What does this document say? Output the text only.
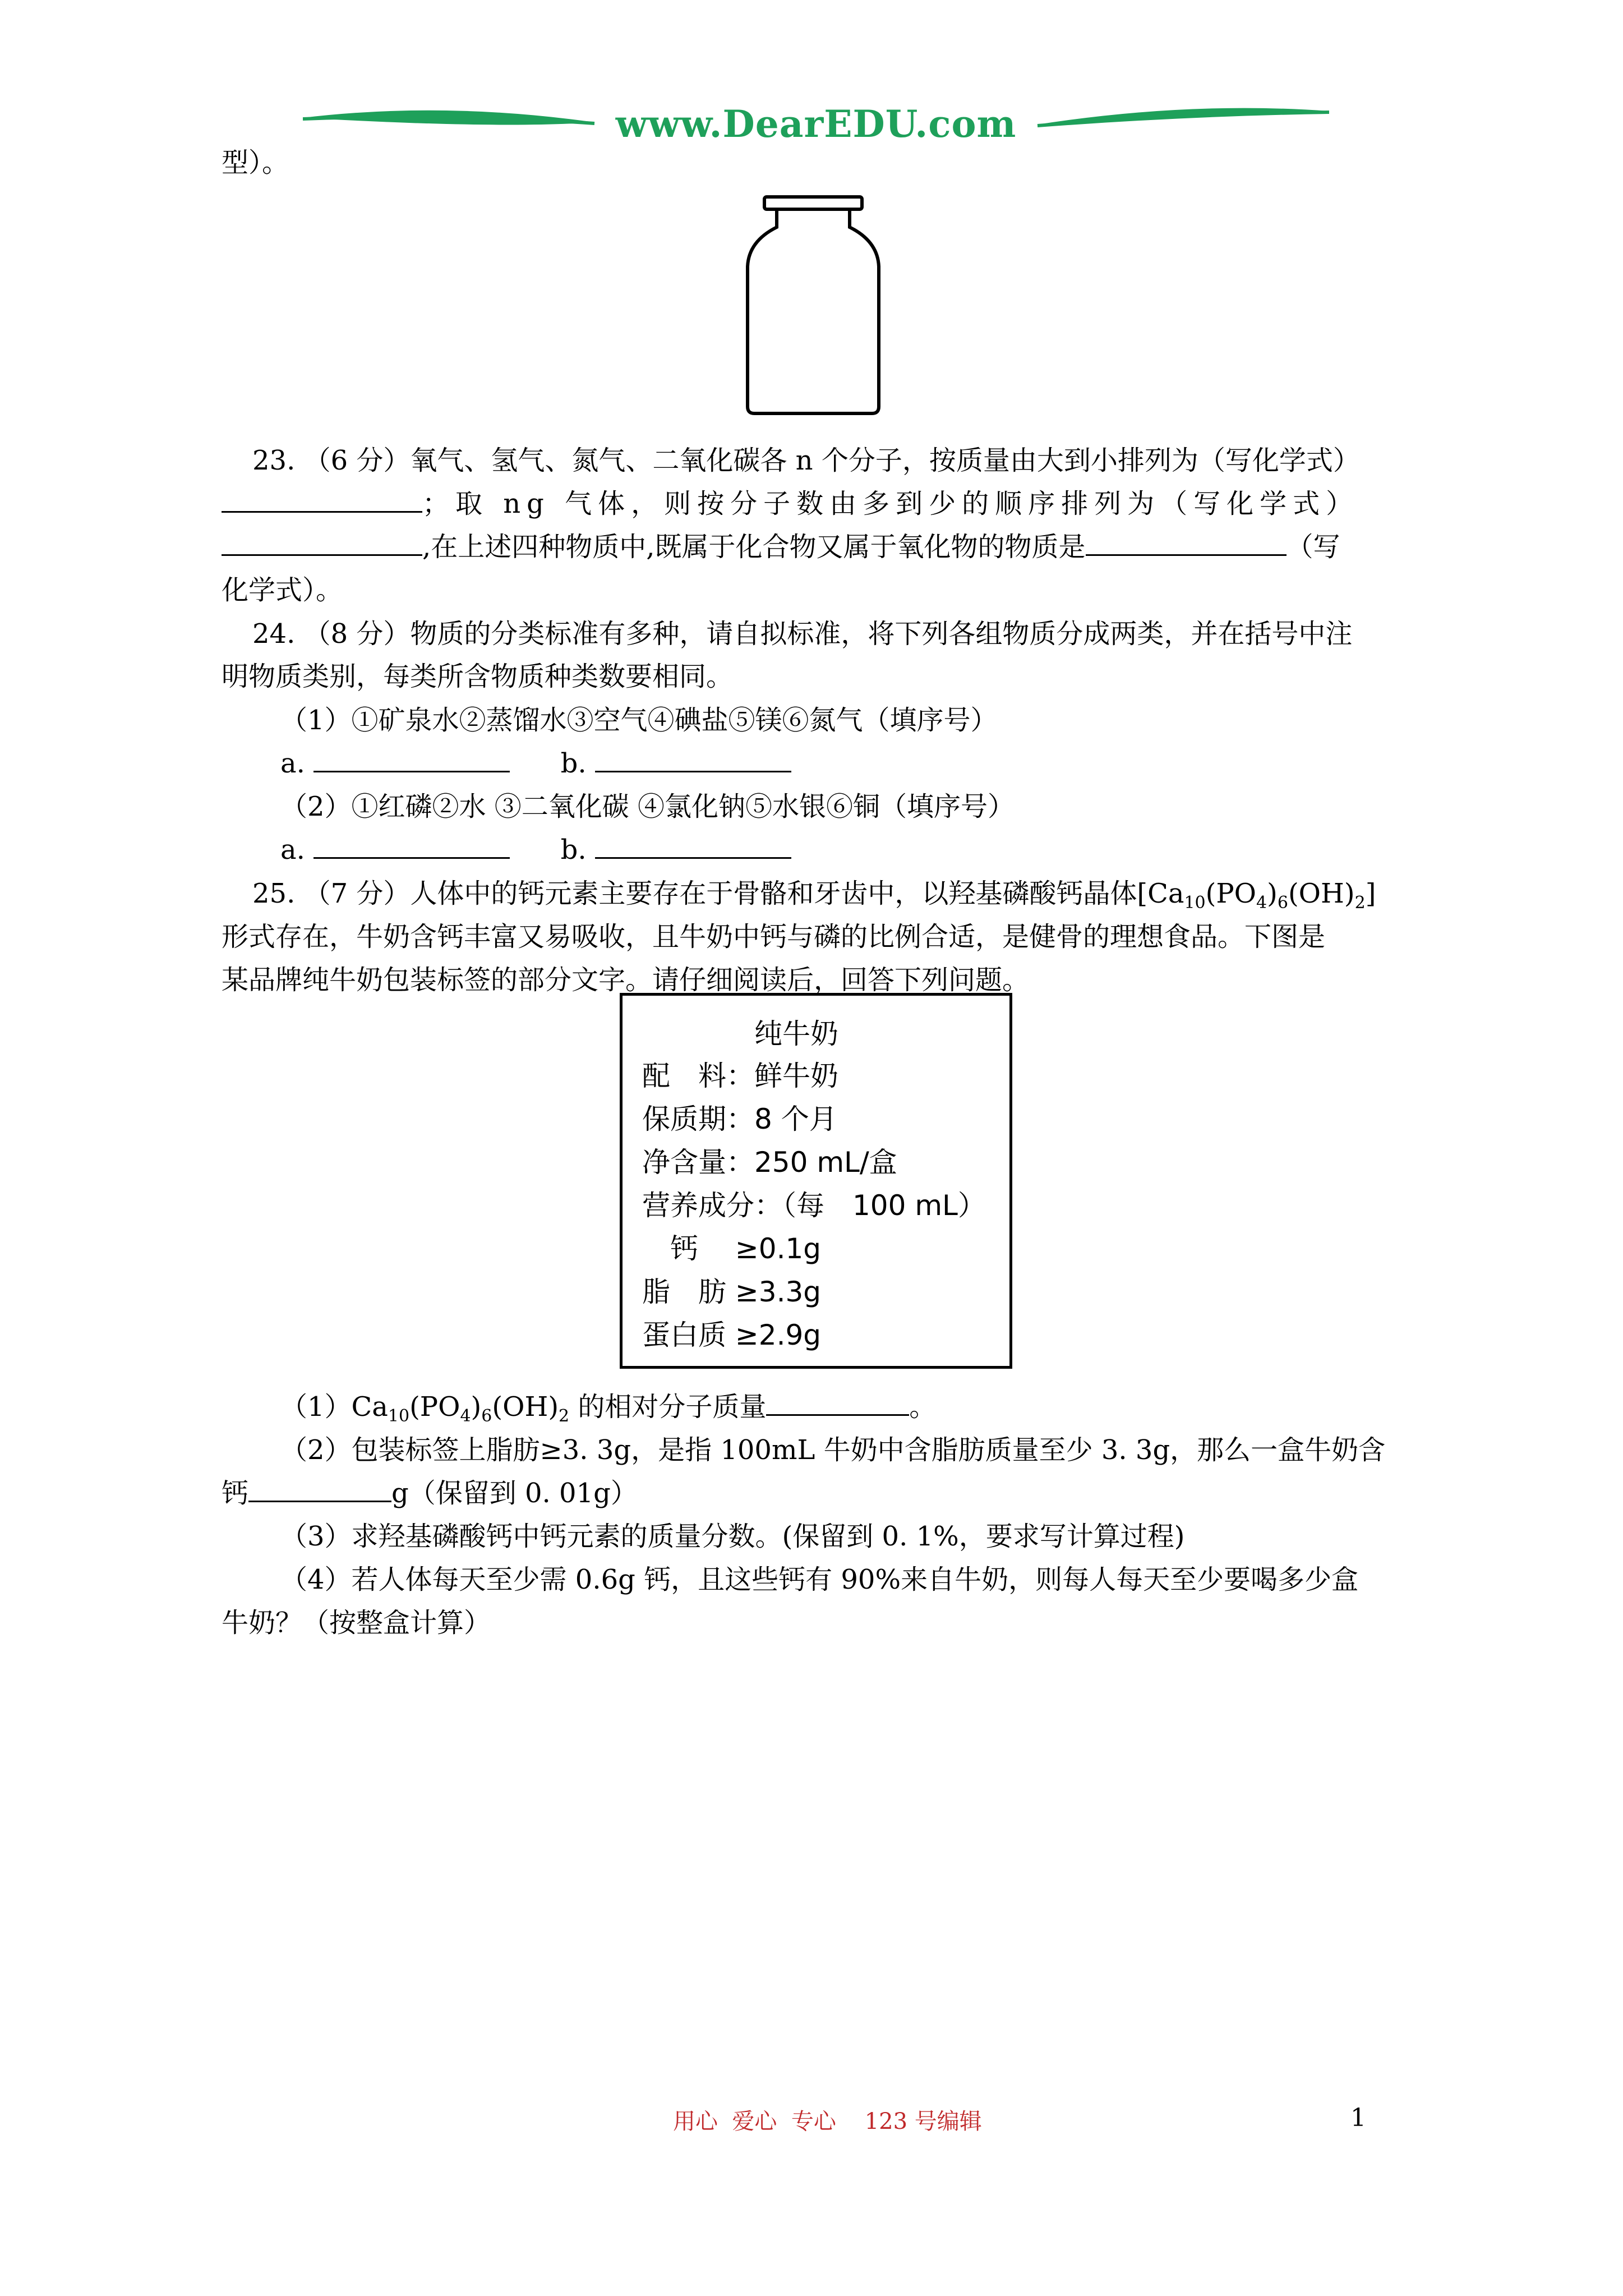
www.DearEDU.com
型）。
23. （6 分）氧气、氢气、氮气、二氧化碳各 n 个分子，按质量由大到小排列为（写化学式）
；取 ng 气体，则按分子数由多到少的顺序排列为（写化学式）
,在上述四种物质中,既属于化合物又属于氧化物的物质是	（写
化学式）。
24. （8 分）物质的分类标准有多种，请自拟标准，将下列各组物质分成两类，并在括号中注
明物质类别，每类所含物质种类数要相同。
（1）①矿泉水②蒸馏水③空气④碘盐⑤镁⑥氮气（填序号）
a.	b.
（2）①红磷②水 ③二氧化碳 ④氯化钠⑤水银⑥铜（填序号）
a.	b.
25. （7 分）人体中的钙元素主要存在于骨骼和牙齿中，以羟基磷酸钙晶体$[Ca_{10}(PO_4)_6(OH)_2]$
形式存在，牛奶含钙丰富又易吸收，且牛奶中钙与磷的比例合适，是健骨的理想食品。下图是
某品牌纯牛奶包装标签的部分文字。请仔细阅读后，回答下列问题。
纯牛奶
配　料：鲜牛奶
保质期：8 个月
净含量：250 mL/盒
营养成分：（每　100 mL）
　钙　 ≥0.1g
脂　肪 ≥3.3g
蛋白质 ≥2.9g
$(1)Ca_{10}(PO_4)_6(OH)_2$ 的相对分子质量	。
（2）包装标签上脂肪≥3. 3g，是指 100mL 牛奶中含脂肪质量至少 3. 3g，那么一盒牛奶含
钙	g（保留到 0. 01g）
（3）求羟基磷酸钙中钙元素的质量分数。(保留到 0. 1%，要求写计算过程)
（4）若人体每天至少需 0.6g 钙，且这些钙有 90%来自牛奶，则每人每天至少要喝多少盒
牛奶？（按整盒计算）
用心  爱心  专心    123 号编辑	1
